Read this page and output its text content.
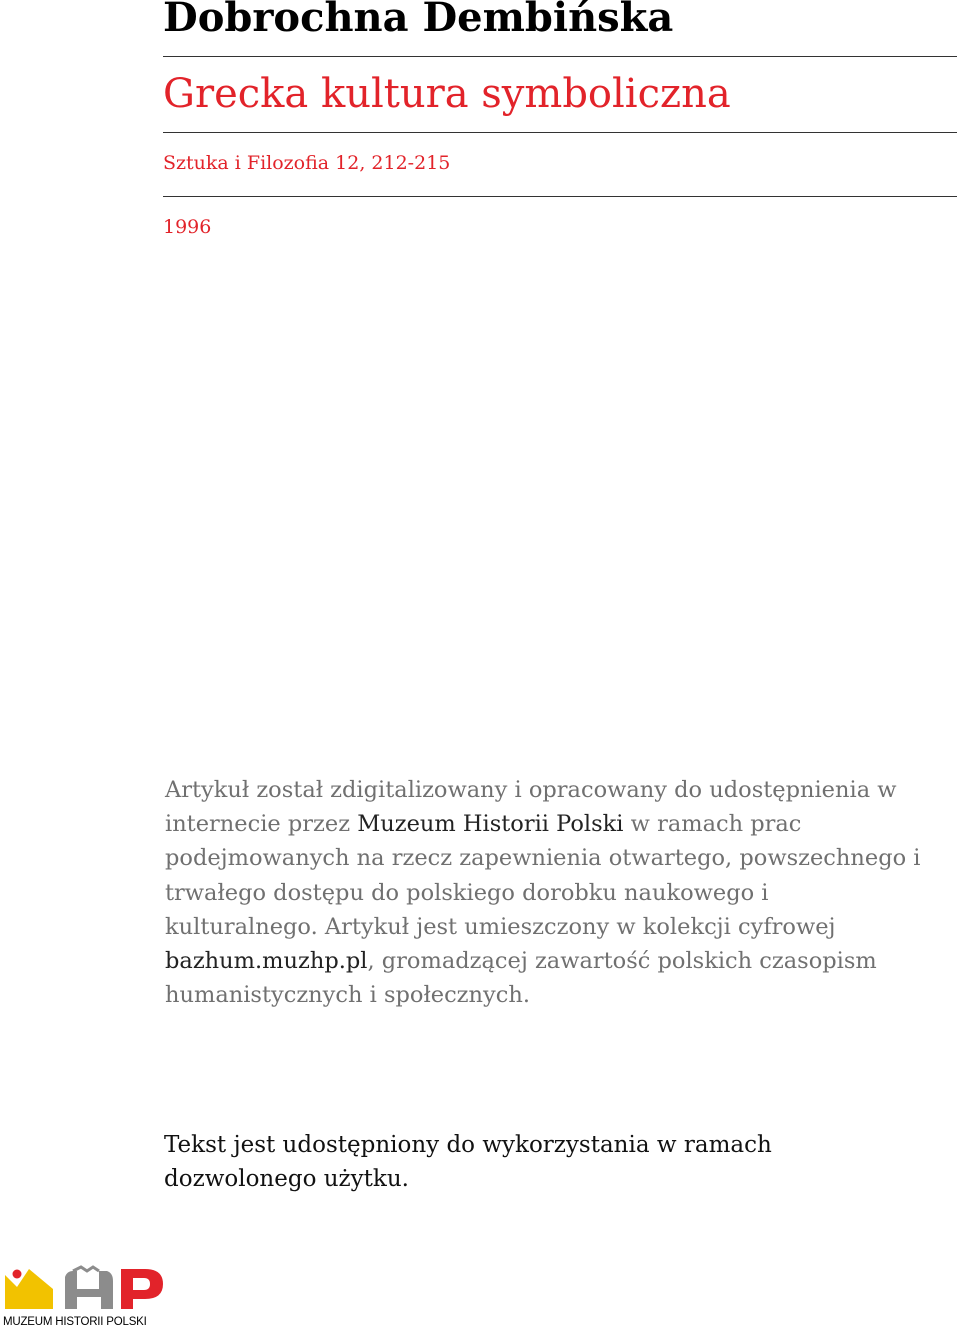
Dobrochna Dembińska
Grecka kultura symboliczna
Sztuka i Filozofia 12, 212-215
1996

Artykuł został zdigitalizowany i opracowany do udostępnienia w internecie przez Muzeum Historii Polski w ramach prac podejmowanych na rzecz zapewnienia otwartego, powszechnego i trwałego dostępu do polskiego dorobku naukowego i kulturalnego. Artykuł jest umieszczony w kolekcji cyfrowej bazhum.muzhp.pl, gromadzącej zawartość polskich czasopism humanistycznych i społecznych.

Tekst jest udostępniony do wykorzystania w ramach dozwolonego użytku.

MUZEUM HISTORII POLSKI
